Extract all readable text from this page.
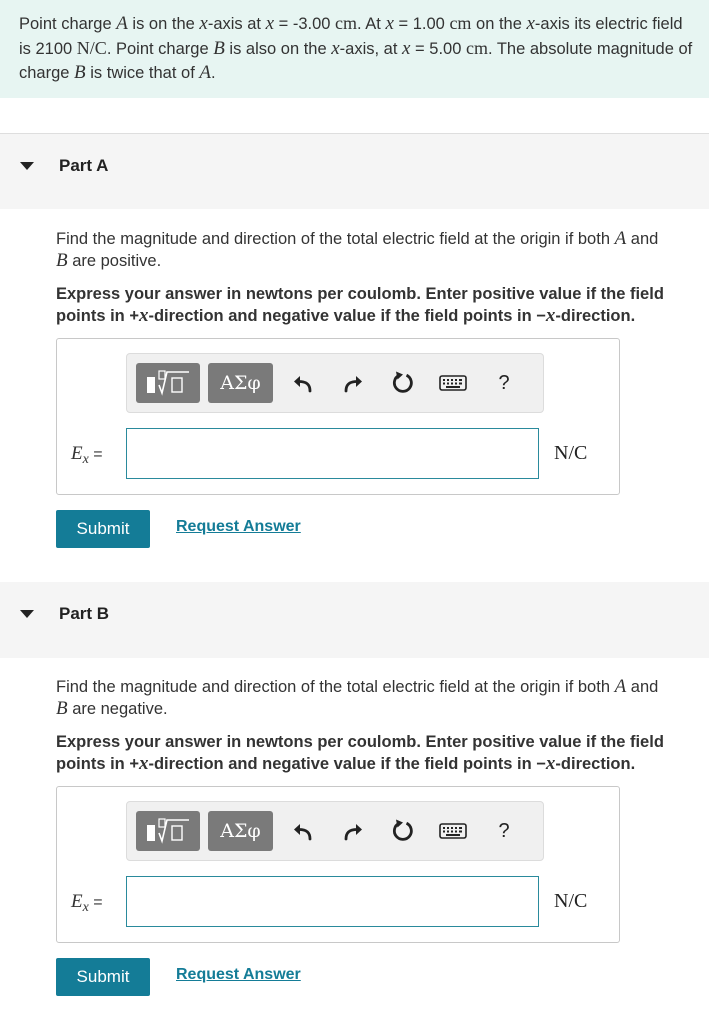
Point charge A is on the x-axis at x = -3.00 cm. At x = 1.00 cm on the x-axis its electric field is 2100 N/C. Point charge B is also on the x-axis, at x = 5.00 cm. The absolute magnitude of charge B is twice that of A.
Part A
Find the magnitude and direction of the total electric field at the origin if both A and
B are positive.
Express your answer in newtons per coulomb. Enter positive value if the field points in +x-direction and negative value if the field points in −x-direction.
ΑΣφ	?
$E_x$ =	N/C
Submit	Request Answer
Part B
Find the magnitude and direction of the total electric field at the origin if both A and
B are negative.
Express your answer in newtons per coulomb. Enter positive value if the field points in +x-direction and negative value if the field points in −x-direction.
ΑΣφ	?
$E_x$ =	N/C
Submit	Request Answer
